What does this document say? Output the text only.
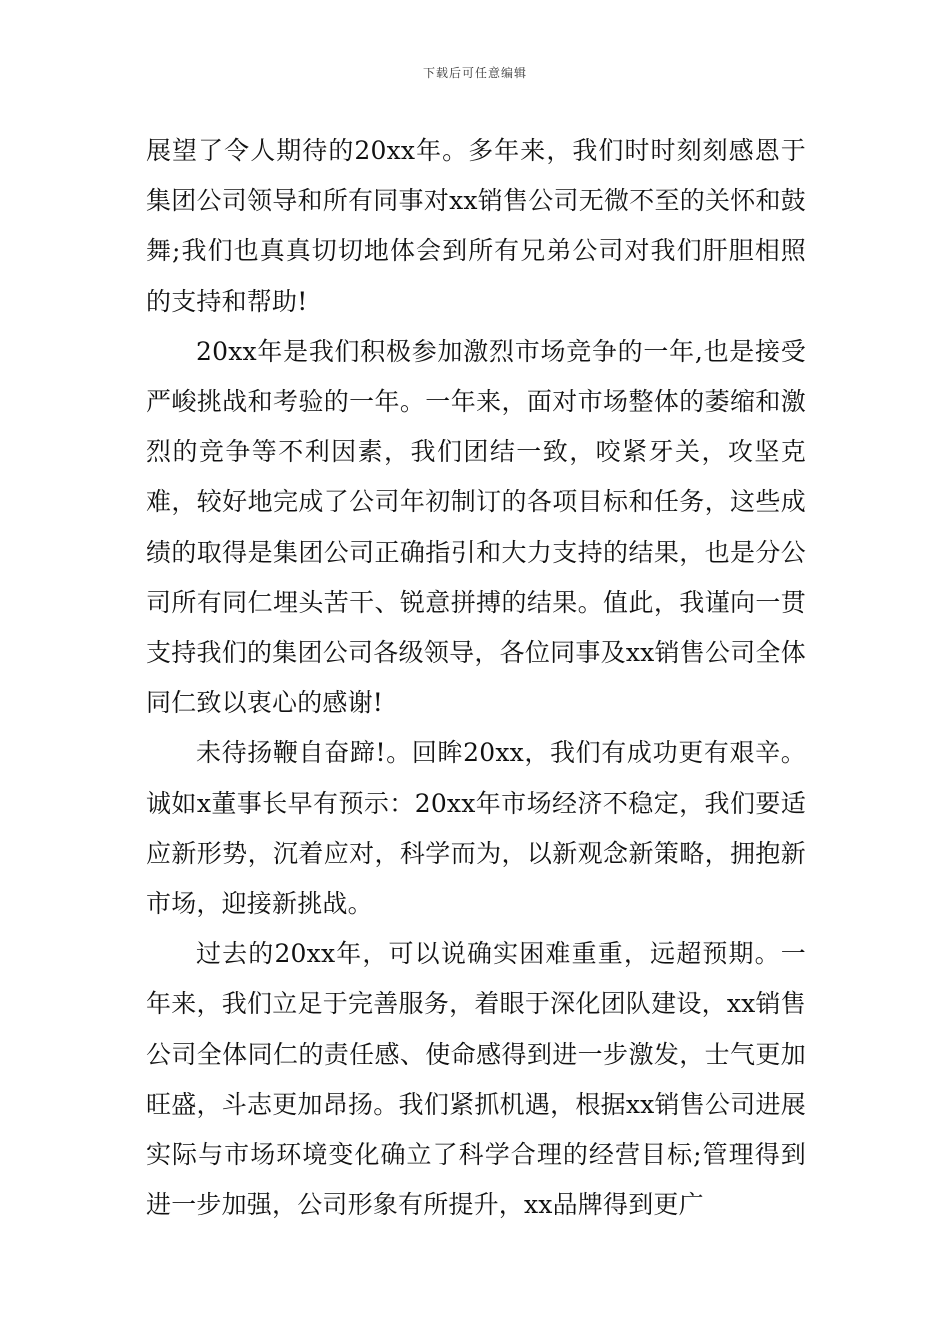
下载后可任意编辑

展望了令人期待的20xx年。多年来，我们时时刻刻感恩于集团公司领导和所有同事对xx销售公司无微不至的关怀和鼓舞;我们也真真切切地体会到所有兄弟公司对我们肝胆相照的支持和帮助!

20xx年是我们积极参加激烈市场竞争的一年,也是接受严峻挑战和考验的一年。一年来，面对市场整体的萎缩和激烈的竞争等不利因素，我们团结一致，咬紧牙关，攻坚克难，较好地完成了公司年初制订的各项目标和任务，这些成绩的取得是集团公司正确指引和大力支持的结果，也是分公司所有同仁埋头苦干、锐意拼搏的结果。值此，我谨向一贯支持我们的集团公司各级领导，各位同事及xx销售公司全体同仁致以衷心的感谢!

未待扬鞭自奋蹄!。回眸20xx，我们有成功更有艰辛。诚如x董事长早有预示：20xx年市场经济不稳定，我们要适应新形势，沉着应对，科学而为，以新观念新策略，拥抱新市场，迎接新挑战。

过去的20xx年，可以说确实困难重重，远超预期。一年来，我们立足于完善服务，着眼于深化团队建设，xx销售公司全体同仁的责任感、使命感得到进一步激发，士气更加旺盛，斗志更加昂扬。我们紧抓机遇，根据xx销售公司进展实际与市场环境变化确立了科学合理的经营目标;管理得到进一步加强，公司形象有所提升，xx品牌得到更广
